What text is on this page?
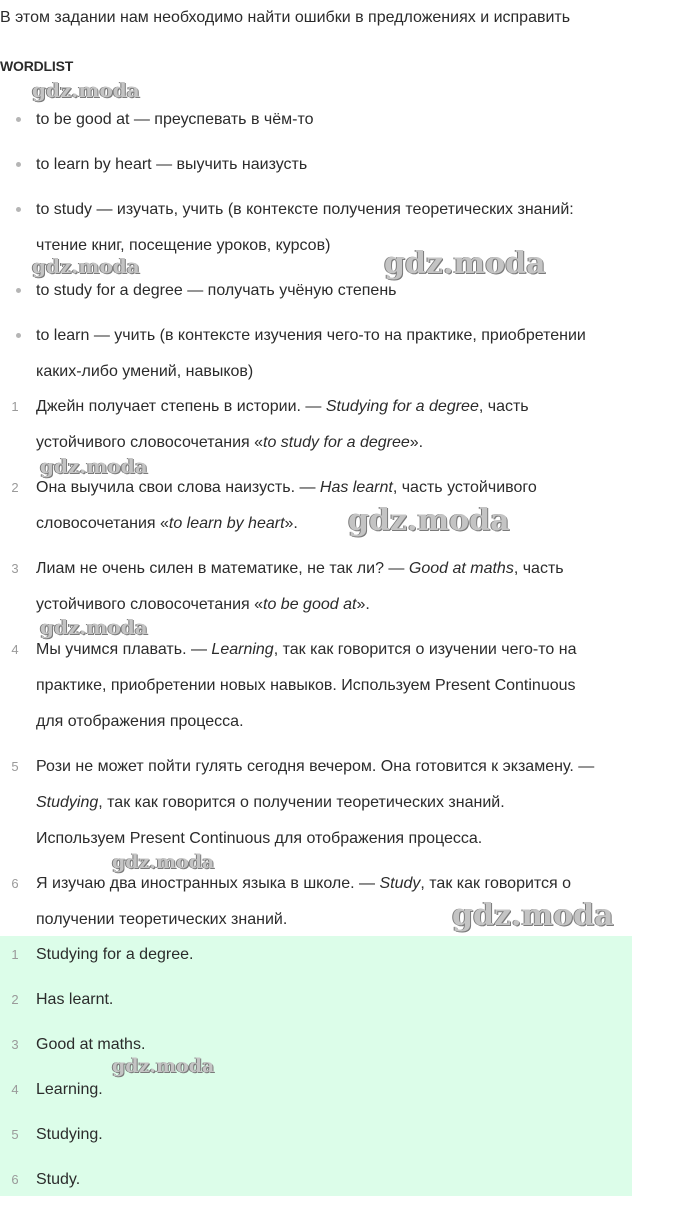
В этом задании нам необходимо найти ошибки в предложениях и исправить

WORDLIST
to be good at — преуспевать в чём-то
to learn by heart — выучить наизусть
to study — изучать, учить (в контексте получения теоретических знаний:
чтение книг, посещение уроков, курсов)
to study for a degree — получать учёную степень
to learn — учить (в контексте изучения чего-то на практике, приобретении
каких-либо умений, навыков)
1	Джейн получает степень в истории. — Studying for a degree, часть
устойчивого словосочетания «to study for a degree».
2	Она выучила свои слова наизусть. — Has learnt, часть устойчивого
словосочетания «to learn by heart».
3	Лиам не очень силен в математике, не так ли? — Good at maths, часть
устойчивого словосочетания «to be good at».
4	Мы учимся плавать. — Learning, так как говорится о изучении чего-то на
практике, приобретении новых навыков. Используем Present Continuous
для отображения процесса.
5	Рози не может пойти гулять сегодня вечером. Она готовится к экзамену. —
Studying, так как говорится о получении теоретических знаний.
Используем Present Continuous для отображения процесса.
6	Я изучаю два иностранных языка в школе. — Study, так как говорится о
получении теоретических знаний.
1	Studying for a degree.
2	Has learnt.
3	Good at maths.
4	Learning.
5	Studying.
6	Study.
gdz.moda
gdz.moda	gdz.moda
gdz.moda
gdz.moda
gdz.moda
gdz.moda
gdz.moda
gdz.moda
